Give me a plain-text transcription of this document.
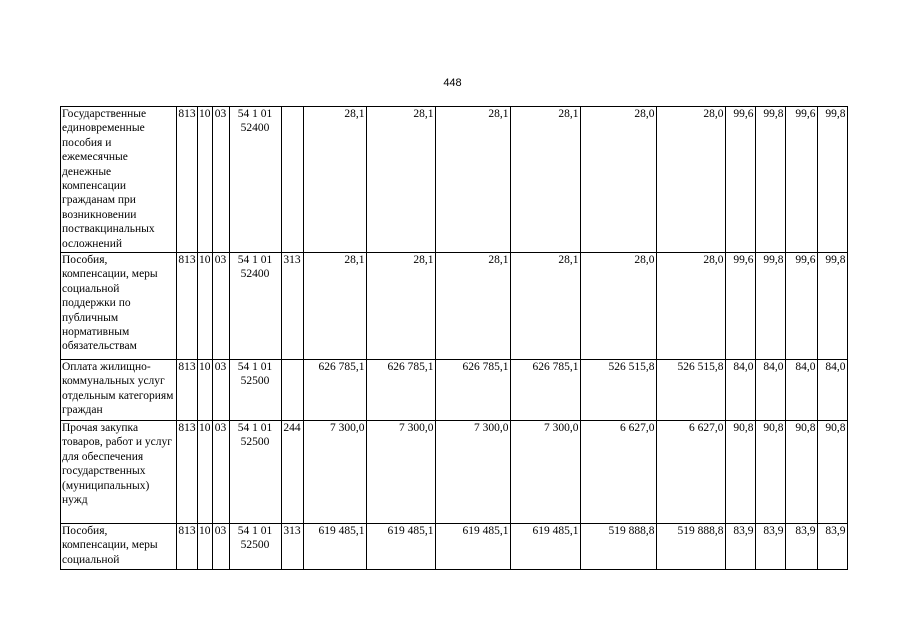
448
Государственные единовременные пособия и ежемесячные денежные компенсации гражданам при возникновении поствакцинальных осложнений	813	10	03	54 1 01
52400		28,1	28,1	28,1	28,1	28,0	28,0	99,6	99,8	99,6	99,8
Пособия, компенсации, меры социальной поддержки по публичным нормативным обязательствам	813	10	03	54 1 01
52400	313	28,1	28,1	28,1	28,1	28,0	28,0	99,6	99,8	99,6	99,8
Оплата жилищно-коммунальных услуг отдельным категориям граждан	813	10	03	54 1 01
52500		626 785,1	626 785,1	626 785,1	626 785,1	526 515,8	526 515,8	84,0	84,0	84,0	84,0
Прочая закупка товаров, работ и услуг для обеспечения государственных (муниципальных) нужд	813	10	03	54 1 01
52500	244	7 300,0	7 300,0	7 300,0	7 300,0	6 627,0	6 627,0	90,8	90,8	90,8	90,8
Пособия, компенсации, меры социальной	813	10	03	54 1 01
52500	313	619 485,1	619 485,1	619 485,1	619 485,1	519 888,8	519 888,8	83,9	83,9	83,9	83,9
